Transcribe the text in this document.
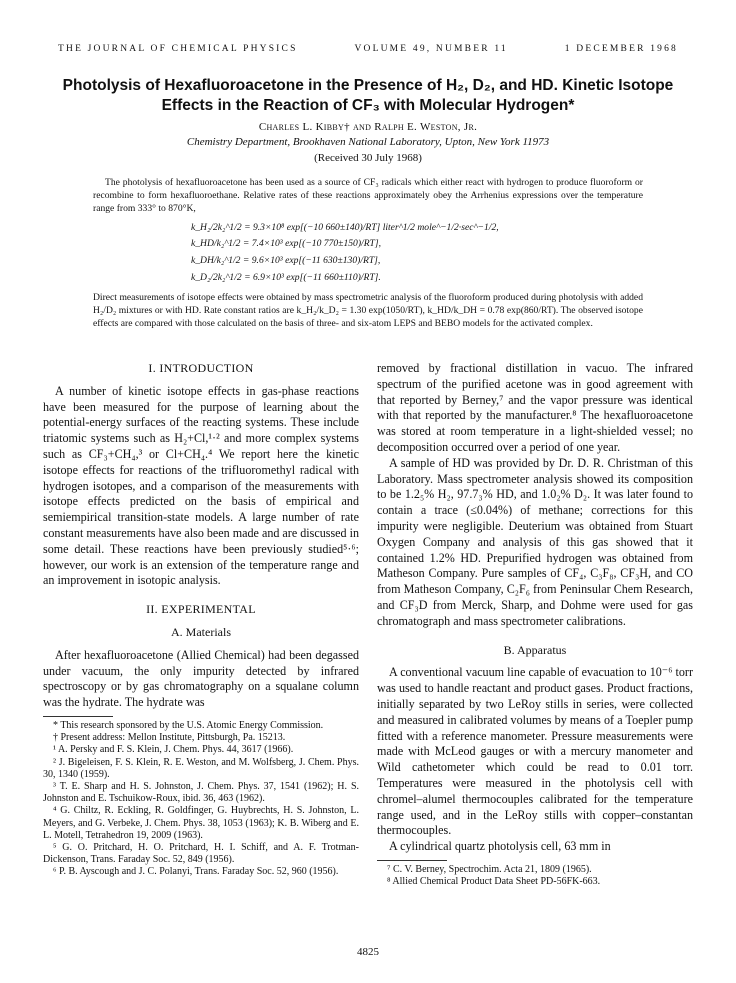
THE JOURNAL OF CHEMICAL PHYSICS	VOLUME 49, NUMBER 11	1 DECEMBER 1968
Photolysis of Hexafluoroacetone in the Presence of H₂, D₂, and HD. Kinetic Isotope
Effects in the Reaction of CF₃ with Molecular Hydrogen*
Charles L. Kibby† and Ralph E. Weston, Jr.
Chemistry Department, Brookhaven National Laboratory, Upton, New York 11973
(Received 30 July 1968)

The photolysis of hexafluoroacetone has been used as a source of CF₃ radicals which either react with hydrogen to produce fluoroform or recombine to form hexafluoroethane. Relative rates of these reactions approximately obey the Arrhenius expressions over the temperature range from 333° to 870°K,

k_H₂/2k₂^1/2 = 9.3×10⁸ exp[(−10 660±140)/RT] liter^1/2 mole^−1/2·sec^−1/2,
k_HD/k₂^1/2 = 7.4×10³ exp[(−10 770±150)/RT],
k_DH/k₂^1/2 = 9.6×10³ exp[(−11 630±130)/RT],
k_D₂/2k₂^1/2 = 6.9×10³ exp[(−11 660±110)/RT].

Direct measurements of isotope effects were obtained by mass spectrometric analysis of the fluoroform produced during photolysis with added H₂/D₂ mixtures or with HD. Rate constant ratios are k_H₂/k_D₂ = 1.30 exp(1050/RT), k_HD/k_DH = 0.78 exp(860/RT). The observed isotope effects are compared with those calculated on the basis of three- and six-atom LEPS and BEBO models for the activated complex.

I. INTRODUCTION

A number of kinetic isotope effects in gas-phase reactions have been measured for the purpose of learning about the potential-energy surfaces of the reacting systems. These include triatomic systems such as H₂+Cl,¹·² and more complex systems such as CF₃+CH₄,³ or Cl+CH₄.⁴ We report here the kinetic isotope effects for reactions of the trifluoromethyl radical with hydrogen isotopes, and a comparison of the measurements with isotope effects predicted on the basis of empirical and semiempirical transition-state models. A large number of rate constant measurements have also been made and are discussed in some detail. These reactions have been previously studied⁵·⁶; however, our work is an extension of the temperature range and an improvement in isotopic analysis.

II. EXPERIMENTAL
A. Materials

After hexafluoroacetone (Allied Chemical) had been degassed under vacuum, the only impurity detected by infrared spectroscopy or by gas chromatography on a squalane column was the hydrate. The hydrate was

* This research sponsored by the U.S. Atomic Energy Commission.

† Present address: Mellon Institute, Pittsburgh, Pa. 15213.

¹ A. Persky and F. S. Klein, J. Chem. Phys. 44, 3617 (1966).

² J. Bigeleisen, F. S. Klein, R. E. Weston, and M. Wolfsberg, J. Chem. Phys. 30, 1340 (1959).

³ T. E. Sharp and H. S. Johnston, J. Chem. Phys. 37, 1541 (1962); H. S. Johnston and E. Tschuikow-Roux, ibid. 36, 463 (1962).

⁴ G. Chiltz, R. Eckling, R. Goldfinger, G. Huybrechts, H. S. Johnston, L. Meyers, and G. Verbeke, J. Chem. Phys. 38, 1053 (1963); K. B. Wiberg and E. L. Motell, Tetrahedron 19, 2009 (1963).

⁵ G. O. Pritchard, H. O. Pritchard, H. I. Schiff, and A. F. Trotman-Dickenson, Trans. Faraday Soc. 52, 849 (1956).

⁶ P. B. Ayscough and J. C. Polanyi, Trans. Faraday Soc. 52, 960 (1956).

removed by fractional distillation in vacuo. The infrared spectrum of the purified acetone was in good agreement with that reported by Berney,⁷ and the vapor pressure was identical with that reported by the manufacturer.⁸ The hexafluoroacetone was stored at room temperature in a light-shielded vessel; no decomposition occurred over a period of one year.

A sample of HD was provided by Dr. D. R. Christman of this Laboratory. Mass spectrometer analysis showed its composition to be 1.2₅% H₂, 97.7₃% HD, and 1.0₂% D₂. It was later found to contain a trace (≤0.04%) of methane; corrections for this impurity were negligible. Deuterium was obtained from Stuart Oxygen Company and analysis of this gas showed that it contained 1.2% HD. Prepurified hydrogen was obtained from Matheson Company. Pure samples of CF₄, C₃F₈, CF₃H, and CO from Matheson Company, C₂F₆ from Peninsular Chem Research, and CF₃D from Merck, Sharp, and Dohme were used for gas chromatograph and mass spectrometer calibrations.

B. Apparatus

A conventional vacuum line capable of evacuation to 10⁻⁶ torr was used to handle reactant and product gases. Product fractions, initially separated by two LeRoy stills in series, were collected and measured in calibrated volumes by means of a Toepler pump fitted with a reference manometer. Pressure measurements were made with McLeod gauges or with a mercury manometer and Wild cathetometer which could be read to 0.01 torr. Temperatures were measured in the photolysis cell with chromel–alumel thermocouples calibrated for the temperature range used, and in the LeRoy stills with copper–constantan thermocouples.

A cylindrical quartz photolysis cell, 63 mm in

⁷ C. V. Berney, Spectrochim. Acta 21, 1809 (1965).

⁸ Allied Chemical Product Data Sheet PD-56FK-663.

4825
